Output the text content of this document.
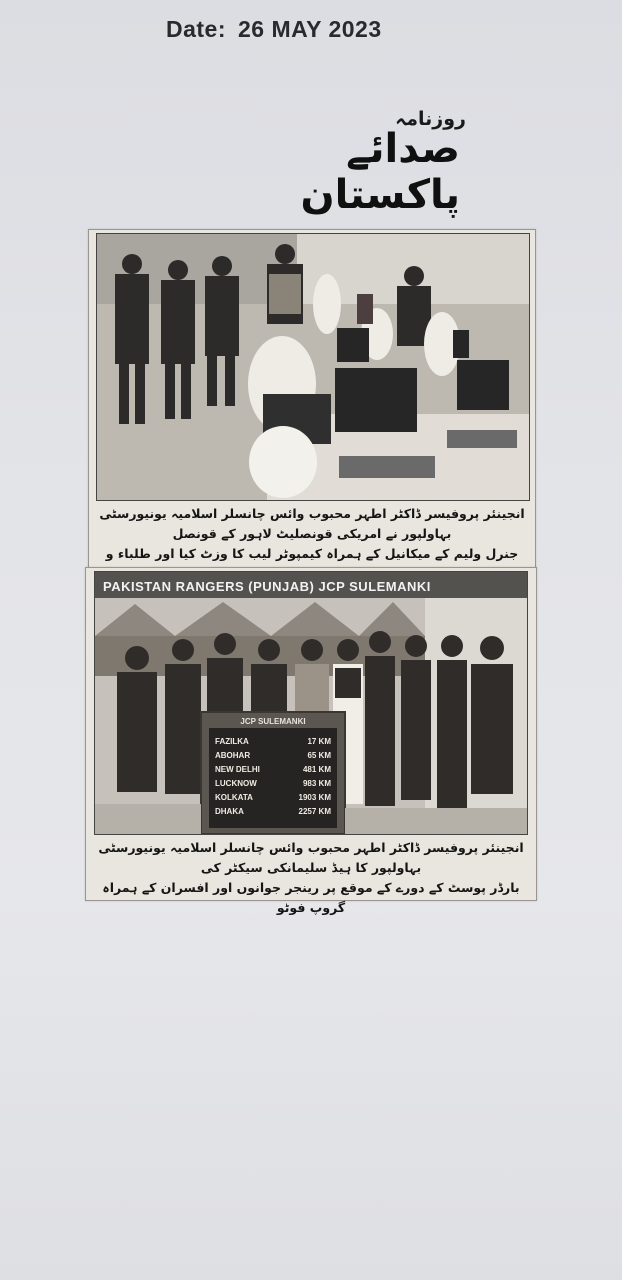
Date: 26 MAY 2023
روزنامہ
صدائے پاکستان
انجینئر پروفیسر ڈاکٹر اطہر محبوب وائس چانسلر اسلامیہ یونیورسٹی بہاولپور نے امریکی قونصلیٹ لاہور کے قونصل
جنرل ولیم کے میکانیل کے ہمراہ کیمپوٹر لیب کا وزٹ کیا اور طلباء و
PAKISTAN RANGERS (PUNJAB) JCP SULEMANKI
JCP SULEMANKI
FAZILKA	17 KM
ABOHAR	65 KM
NEW DELHI	481 KM
LUCKNOW	983 KM
KOLKATA	1903 KM
DHAKA	2257 KM
انجینئر پروفیسر ڈاکٹر اطہر محبوب وائس چانسلر اسلامیہ یونیورسٹی بہاولپور کا ہیڈ سلیمانکی سیکٹر کی
بارڈر پوسٹ کے دورے کے موقع پر رینجر جوانوں اور افسران کے ہمراہ گروپ فوٹو
